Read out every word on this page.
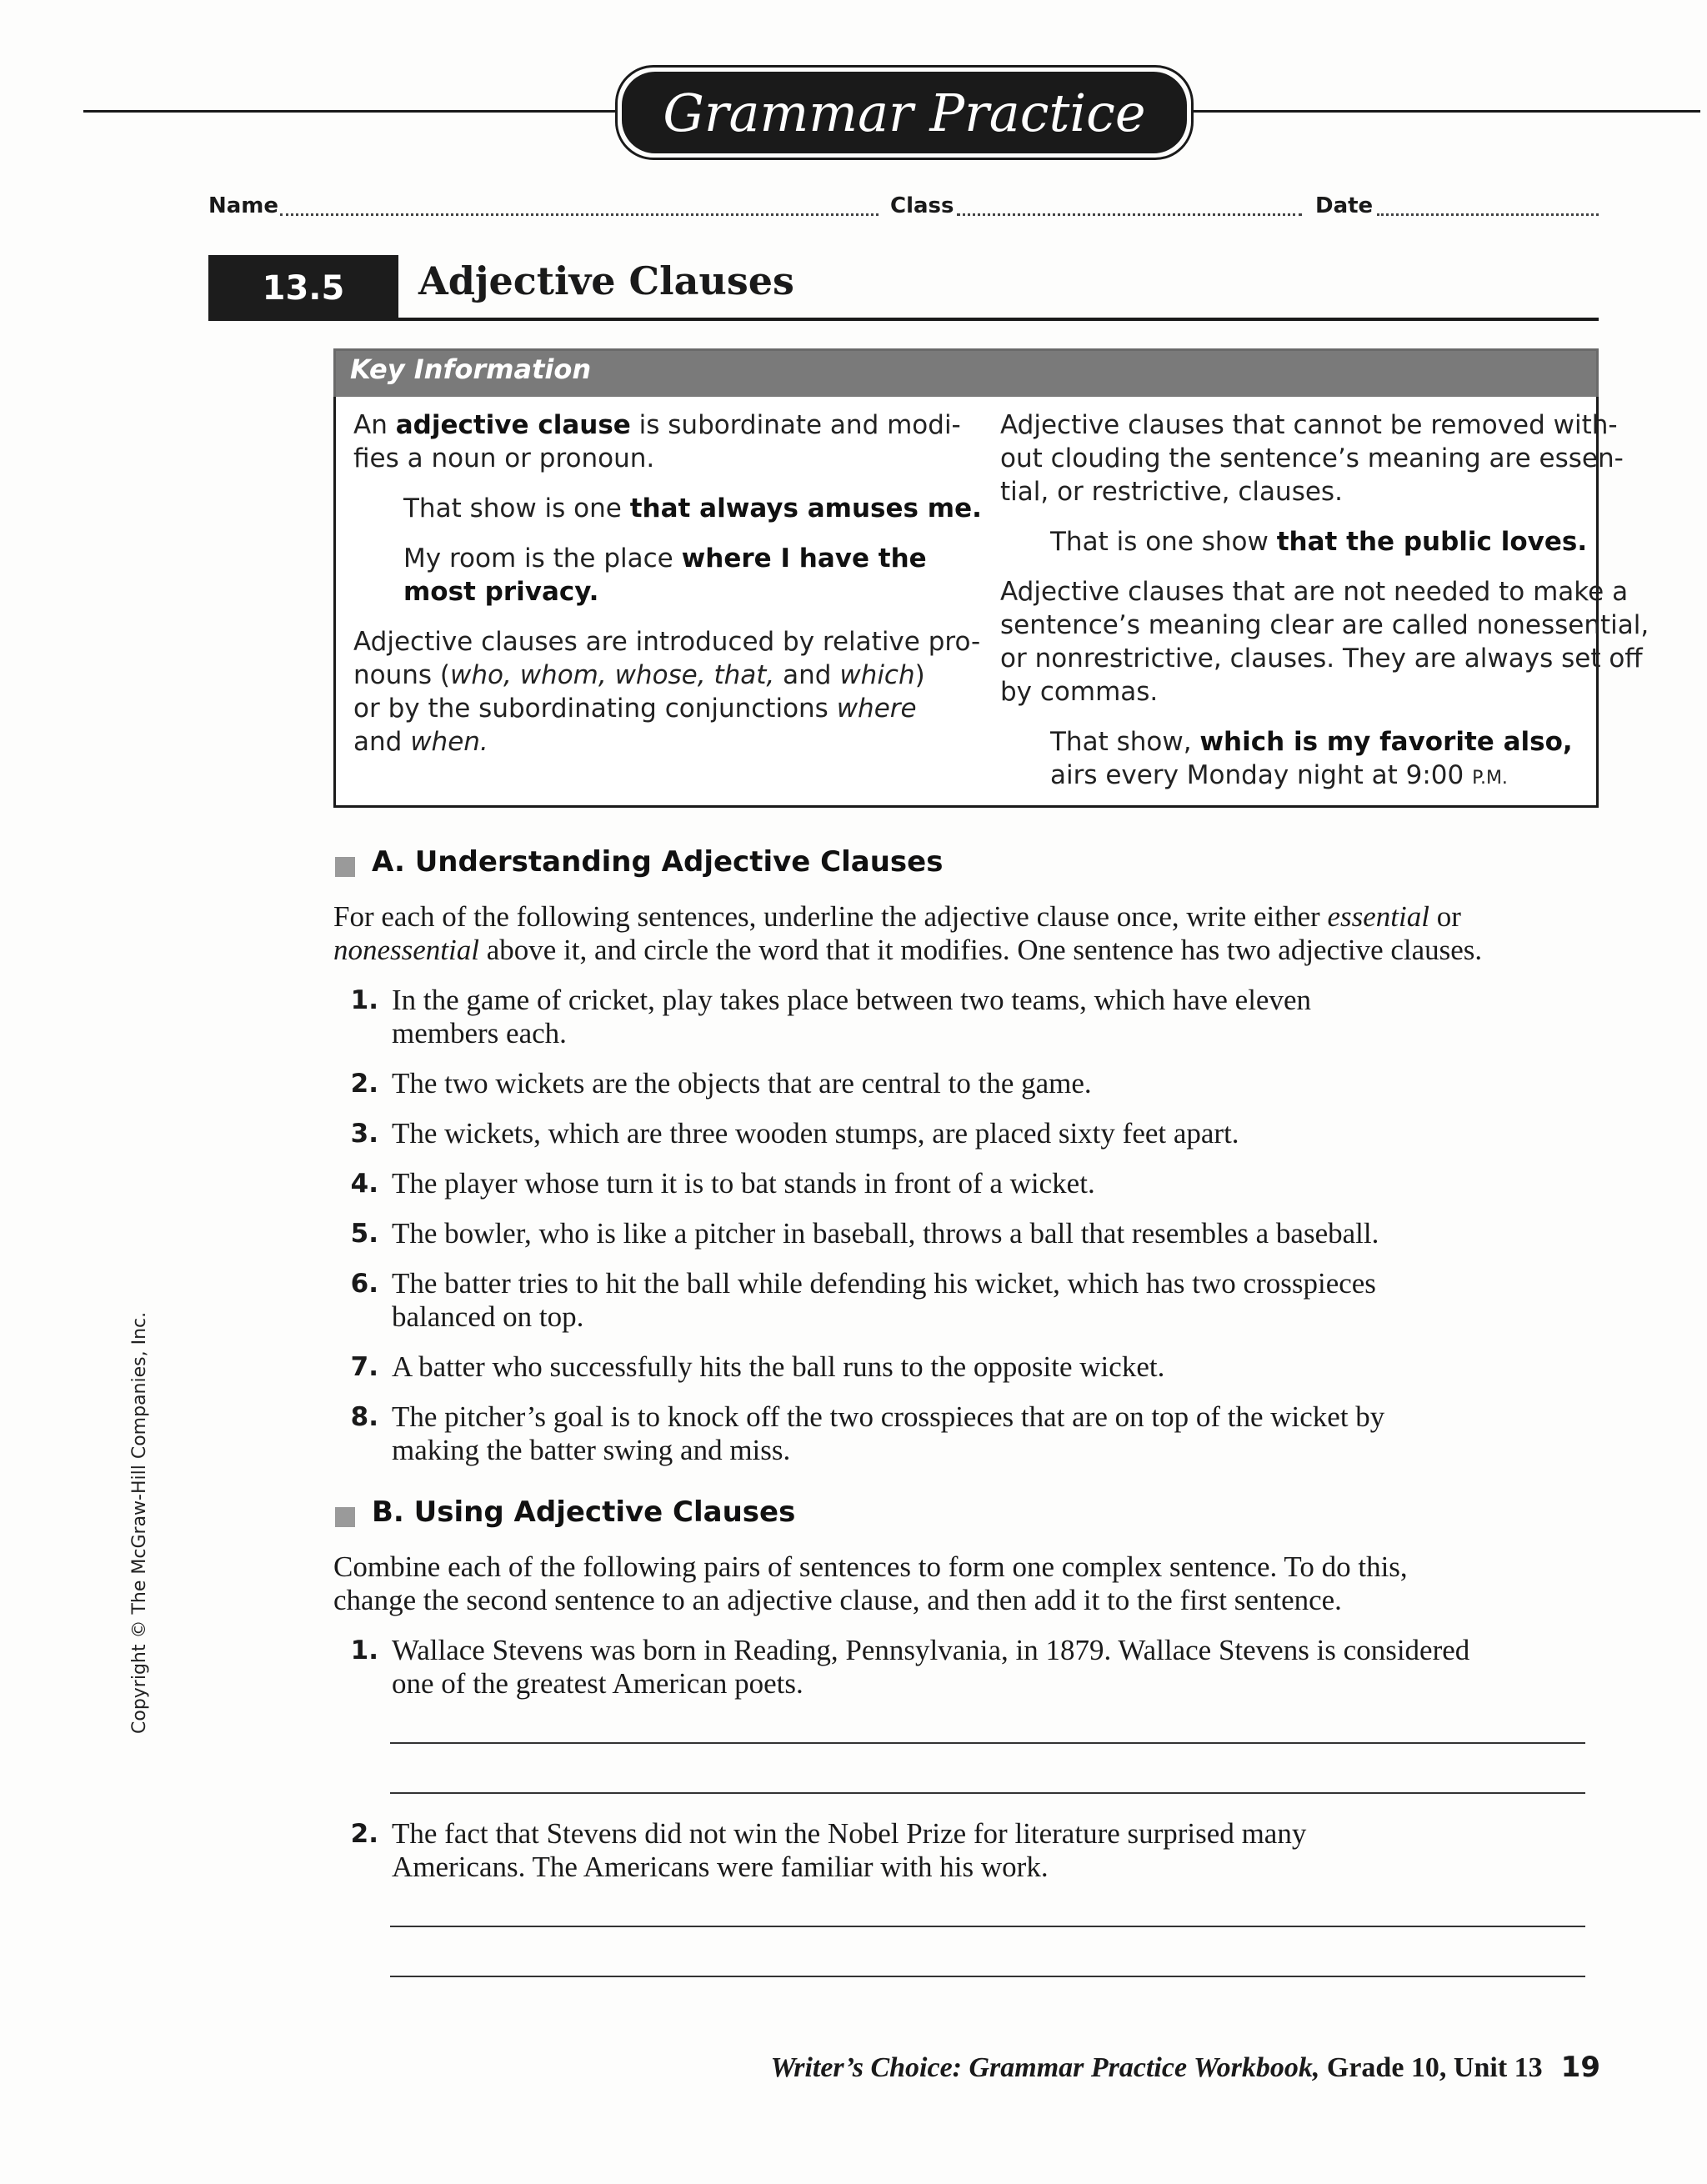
Grammar Practice
Name	Class	Date
13.5	Adjective Clauses
Key Information

An adjective clause is subordinate and modi-

fies a noun or pronoun.

That show is one that always amuses me.

My room is the place where I have the

most privacy.

Adjective clauses are introduced by relative pro-

nouns (who, whom, whose, that, and which)

or by the subordinating conjunctions where

and when.

Adjective clauses that cannot be removed with-

out clouding the sentence’s meaning are essen-

tial, or restrictive, clauses.

That is one show that the public loves.

Adjective clauses that are not needed to make a

sentence’s meaning clear are called nonessential,

or nonrestrictive, clauses. They are always set off

by commas.

That show, which is my favorite also,

airs every Monday night at 9:00 P.M.

A. Understanding Adjective Clauses
For each of the following sentences, underline the adjective clause once, write either essential or
nonessential above it, and circle the word that it modifies. One sentence has two adjective clauses.
1. In the game of cricket, play takes place between two teams, which have eleven
members each.
2. The two wickets are the objects that are central to the game.
3. The wickets, which are three wooden stumps, are placed sixty feet apart.
4. The player whose turn it is to bat stands in front of a wicket.
5. The bowler, who is like a pitcher in baseball, throws a ball that resembles a baseball.
6. The batter tries to hit the ball while defending his wicket, which has two crosspieces
balanced on top.
7. A batter who successfully hits the ball runs to the opposite wicket.
8. The pitcher’s goal is to knock off the two crosspieces that are on top of the wicket by
making the batter swing and miss.
B. Using Adjective Clauses
Combine each of the following pairs of sentences to form one complex sentence. To do this,
change the second sentence to an adjective clause, and then add it to the first sentence.
1. Wallace Stevens was born in Reading, Pennsylvania, in 1879. Wallace Stevens is considered
one of the greatest American poets.
2. The fact that Stevens did not win the Nobel Prize for literature surprised many
Americans. The Americans were familiar with his work.
Copyright © The McGraw-Hill Companies, Inc.
Writer’s Choice: Grammar Practice Workbook, Grade 10, Unit 13 19
